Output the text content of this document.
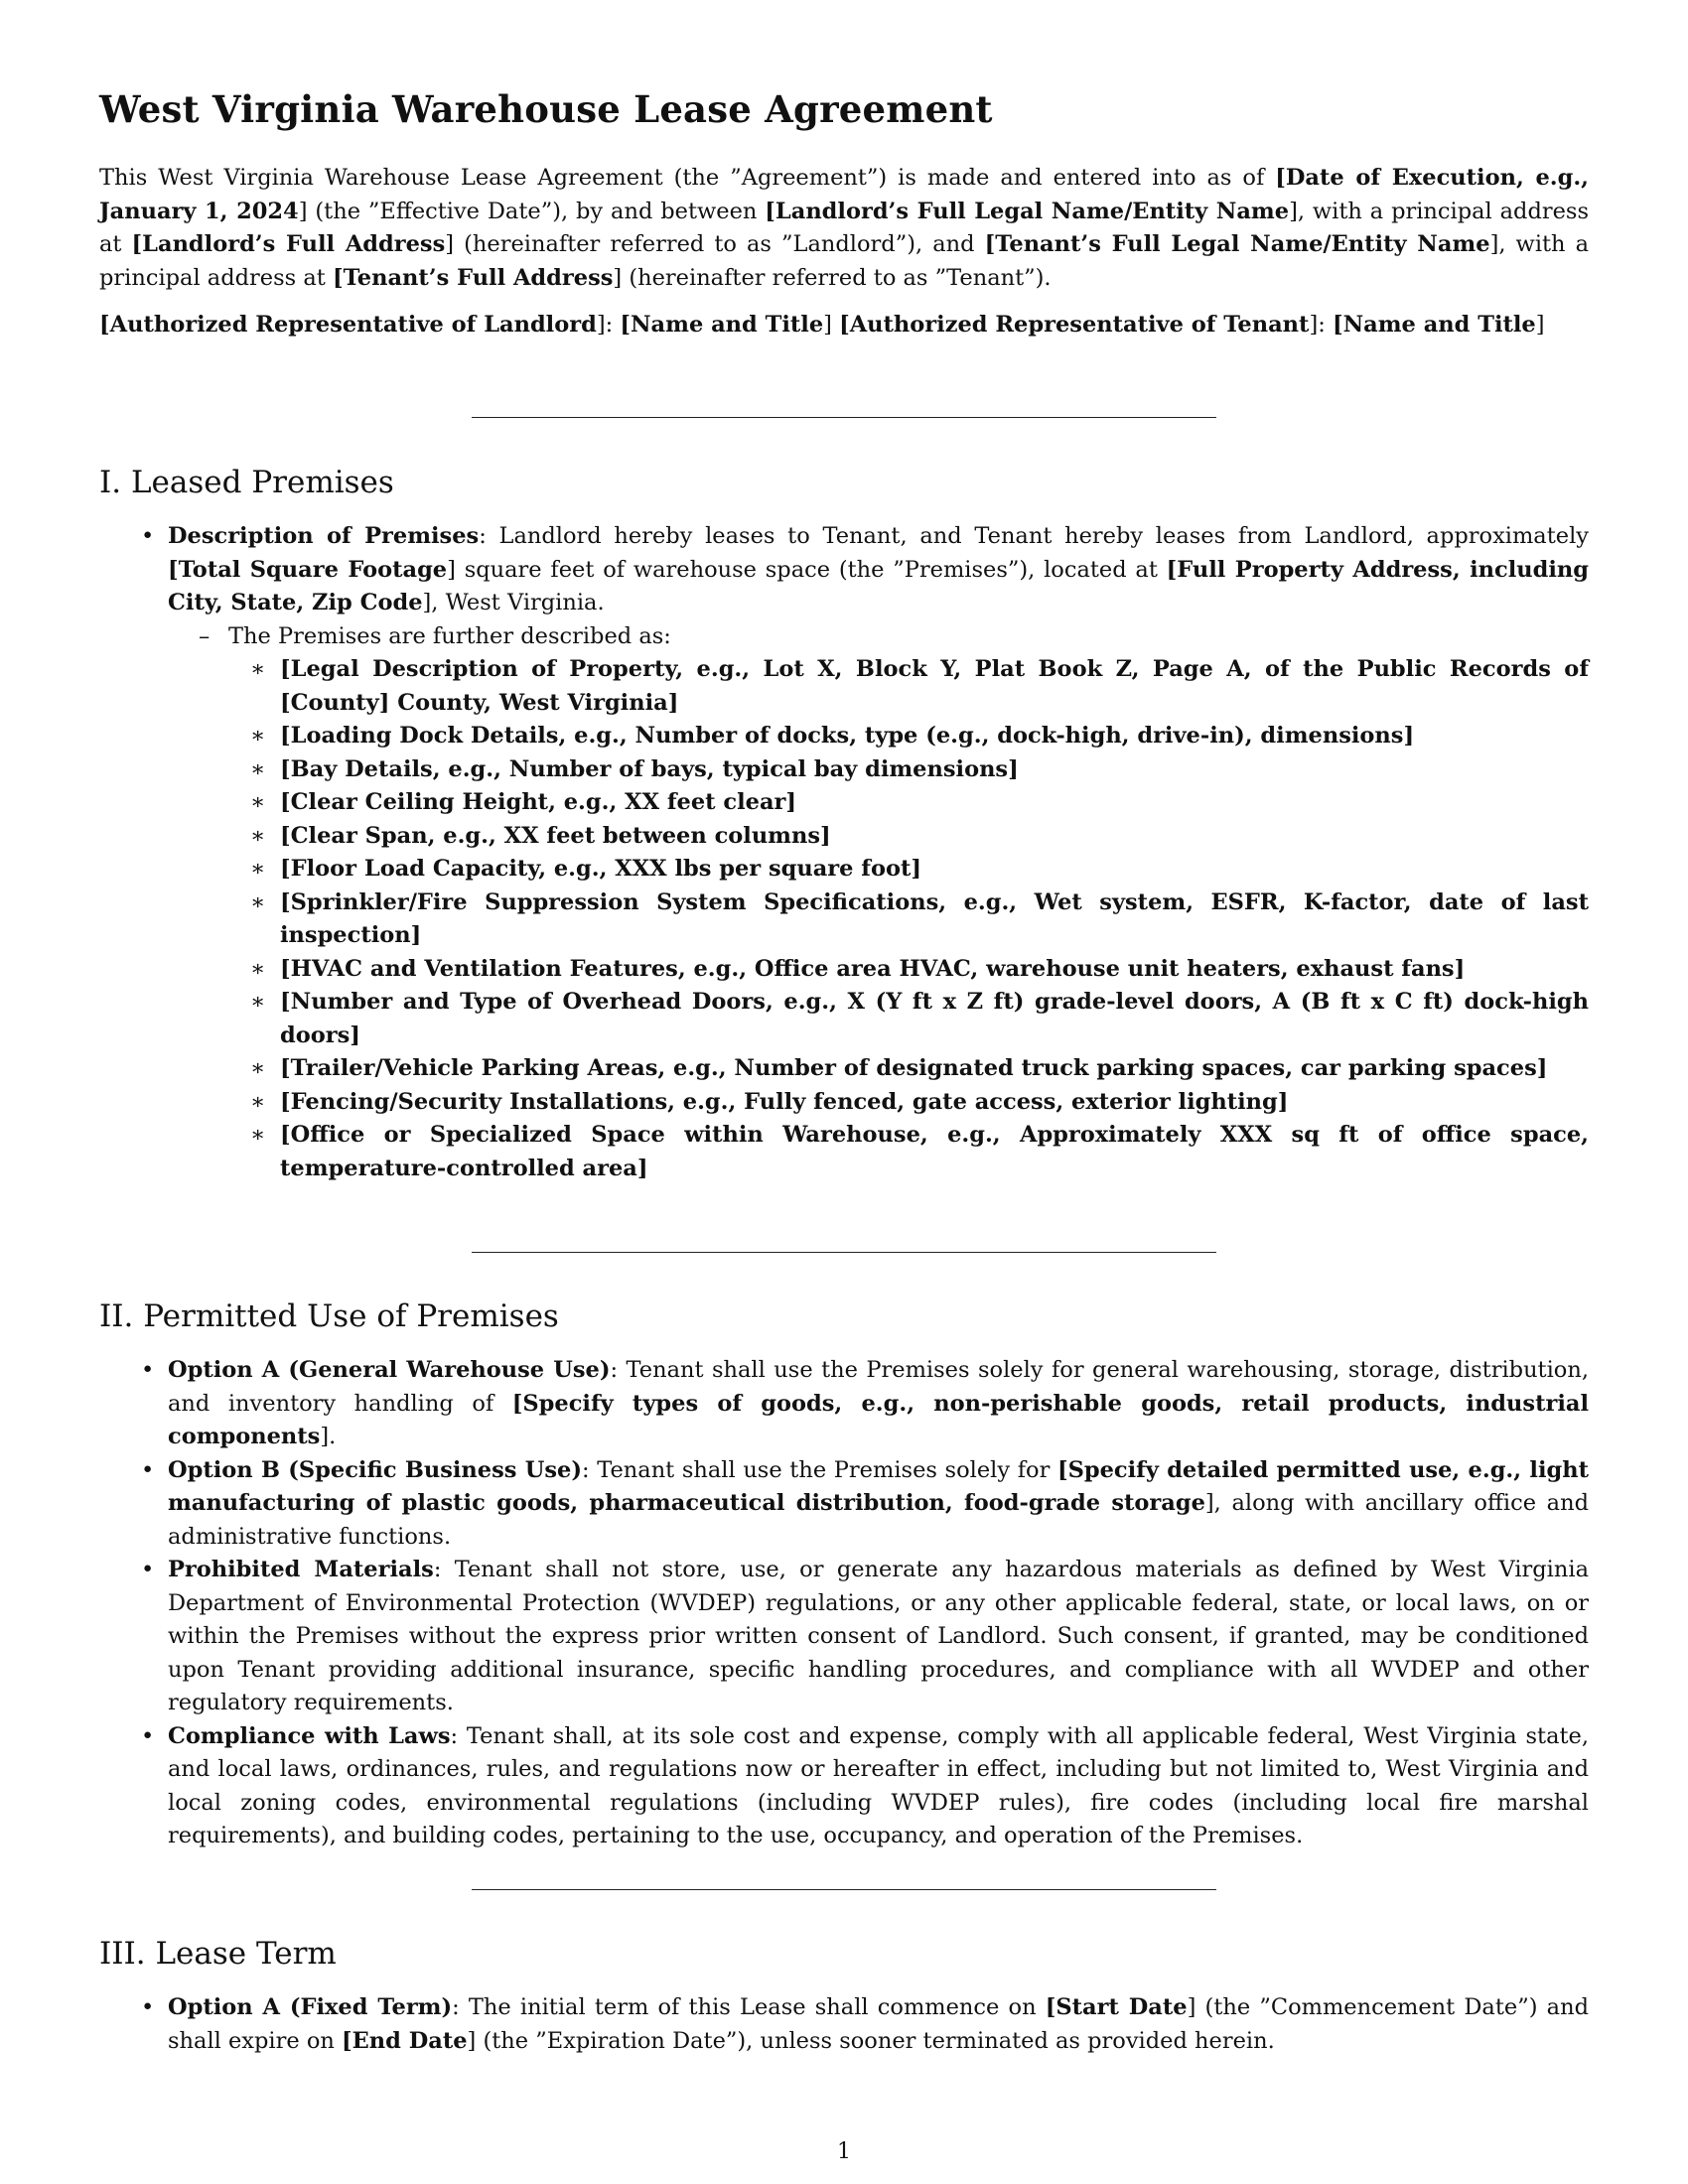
West Virginia Warehouse Lease Agreement

This West Virginia Warehouse Lease Agreement (the ”Agreement”) is made and entered into as of [Date of Execution, e.g., January 1, 2024] (the ”Effective Date”), by and between [Landlord’s Full Legal Name/Entity Name], with a principal address at [Landlord’s Full Address] (hereinafter referred to as ”Landlord”), and [Tenant’s Full Legal Name/Entity Name], with a principal address at [Tenant’s Full Address] (hereinafter referred to as ”Tenant”).

[Authorized Representative of Landlord]: [Name and Title] [Authorized Representative of Tenant]: [Name and Title]

I. Leased Premises
• Description of Premises: Landlord hereby leases to Tenant, and Tenant hereby leases from Landlord, approximately [Total Square Footage] square feet of warehouse space (the ”Premises”), located at [Full Property Address, including City, State, Zip Code], West Virginia.
– The Premises are further described as:
∗ [Legal Description of Property, e.g., Lot X, Block Y, Plat Book Z, Page A, of the Public Records of [County] County, West Virginia]
∗ [Loading Dock Details, e.g., Number of docks, type (e.g., dock-high, drive-in), dimensions]
∗ [Bay Details, e.g., Number of bays, typical bay dimensions]
∗ [Clear Ceiling Height, e.g., XX feet clear]
∗ [Clear Span, e.g., XX feet between columns]
∗ [Floor Load Capacity, e.g., XXX lbs per square foot]
∗ [Sprinkler/Fire Suppression System Specifications, e.g., Wet system, ESFR, K-factor, date of last inspection]
∗ [HVAC and Ventilation Features, e.g., Office area HVAC, warehouse unit heaters, exhaust fans]
∗ [Number and Type of Overhead Doors, e.g., X (Y ft x Z ft) grade-level doors, A (B ft x C ft) dock-high doors]
∗ [Trailer/Vehicle Parking Areas, e.g., Number of designated truck parking spaces, car parking spaces]
∗ [Fencing/Security Installations, e.g., Fully fenced, gate access, exterior lighting]
∗ [Office or Specialized Space within Warehouse, e.g., Approximately XXX sq ft of office space, temperature-controlled area]
II. Permitted Use of Premises
• Option A (General Warehouse Use): Tenant shall use the Premises solely for general warehousing, storage, distribution, and inventory handling of [Specify types of goods, e.g., non-perishable goods, retail products, industrial components].
• Option B (Specific Business Use): Tenant shall use the Premises solely for [Specify detailed permitted use, e.g., light manufacturing of plastic goods, pharmaceutical distribution, food-grade storage], along with ancillary office and administrative functions.
• Prohibited Materials: Tenant shall not store, use, or generate any hazardous materials as defined by West Virginia Department of Environmental Protection (WVDEP) regulations, or any other applicable federal, state, or local laws, on or within the Premises without the express prior written consent of Landlord. Such consent, if granted, may be conditioned upon Tenant providing additional insurance, specific handling procedures, and compliance with all WVDEP and other regulatory requirements.
• Compliance with Laws: Tenant shall, at its sole cost and expense, comply with all applicable federal, West Virginia state, and local laws, ordinances, rules, and regulations now or hereafter in effect, including but not limited to, West Virginia and local zoning codes, environmental regulations (including WVDEP rules), fire codes (including local fire marshal requirements), and building codes, pertaining to the use, occupancy, and operation of the Premises.
III. Lease Term
• Option A (Fixed Term): The initial term of this Lease shall commence on [Start Date] (the ”Commencement Date”) and shall expire on [End Date] (the ”Expiration Date”), unless sooner terminated as provided herein.
1
